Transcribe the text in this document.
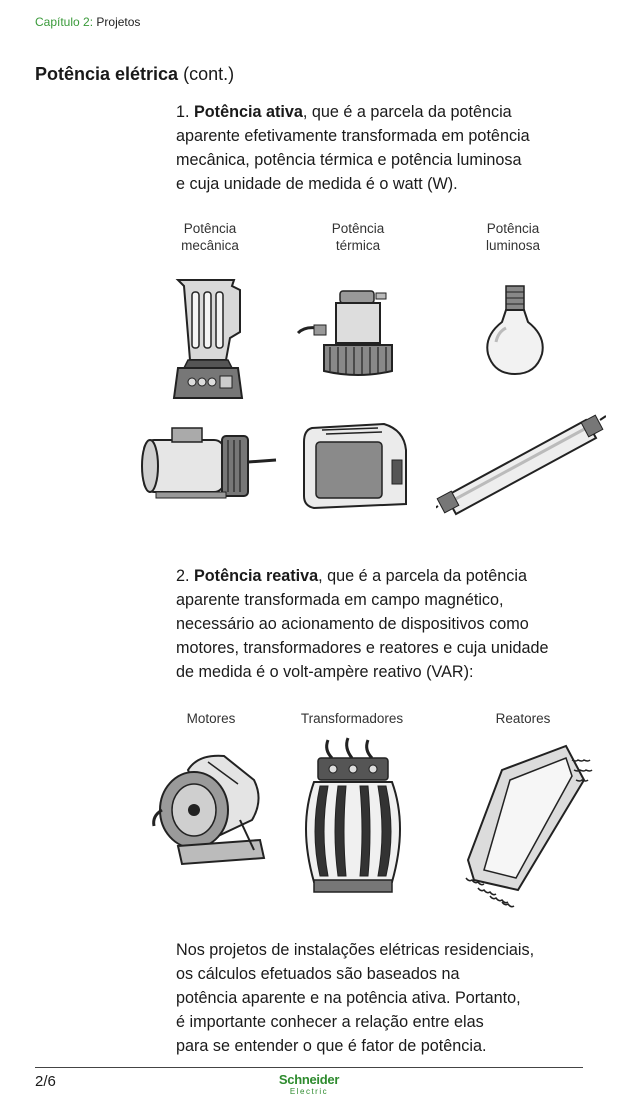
Capítulo 2: Projetos
Potência elétrica (cont.)

1. Potência ativa, que é a parcela da potência
aparente efetivamente transformada em potência
mecânica, potência térmica e potência luminosa
e cuja unidade de medida é o watt (W).

Potência
mecânica
Potência
térmica
Potência
luminosa

2. Potência reativa, que é a parcela da potência
aparente transformada em campo magnético,
necessário ao acionamento de dispositivos como
motores, transformadores e reatores e cuja unidade
de medida é o volt-ampère reativo (VAR):

Motores	Transformadores	Reatores

Nos projetos de instalações elétricas residenciais,
os cálculos efetuados são baseados na
potência aparente e na potência ativa. Portanto,
é importante conhecer a relação entre elas
para se entender o que é fator de potência.

2/6	Schneider
Electric
